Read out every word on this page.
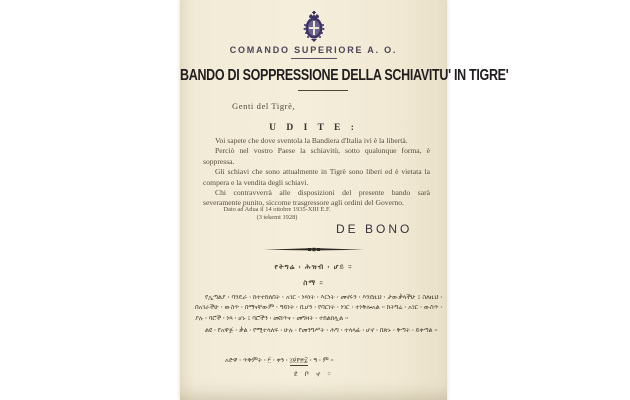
COMANDO SUPERIORE A. O.
BANDO DI SOPPRESSIONE DELLA SCHIAVITU' IN TIGRE'
Genti del Tigrè,
U D I T E :

Voi sapete che dove sventola la Bandiera d'Italia ivi è la libertà.

Perciò nel vostro Paese la schiavitù, sotto qualunque forma, è soppressa.

Gli schiavi che sono attualmente in Tigrè sono liberi ed è vietata la compera e la vendita degli schiavi.

Chi contravverrà alle disposizioni del presente bando sarà severamente punito, siccome trasgressore agli ordini del Governo.

Dato ad Adua il 14 ottobre 1935-XIII E.F.
(3 tekemt 1928)
DE BONO
የትግሬ ፡ ሕዝብ ፡ ሆይ ።
ስማ ።

የኢጣልያ ፡ ባንዴራ ፡ ከተተከለበት ፡ አገር ፡ ነጻነት ፡ እርነት ፡ መኖሩን ፡ እንደዚህ ፡ ታውቃላችሁ ፤ ስለዚህ ፡ በአገራችሁ ፡ ውስጥ ፡ በማናቸውም ፡ ዓይነት ፡ ቢሆን ፡ የባርነት ፡ ነገር ፡ ተነቅሎአል ። ከትግሬ ፡ አገር ፡ ውስጥ ፡ ያሉ ፡ ባሮች ፡ ነጻ ፡ ሆኑ ፤ ባሮችን ፡ መሸጥና ፡ መግዛት ፡ ተከልክሏል ።

ልዩ ፡ የአዋጅ ፡ ቃል ፡ የሚተላለፍ ፡ ሁሉ ፡ የመንግሥት ፡ ሕግ ፡ ተላላፊ ፡ ሆኖ ፡ በጽኑ ፡ ቅጣት ፡ ይቀጣል ።

አድዋ ፡ ጥቅምት ፡ ፫ ፡ ቀን ፡ ፲፱፻፳፰ ፡ ዓ ፡ ም ።
ደ ቦ ኖ ።
